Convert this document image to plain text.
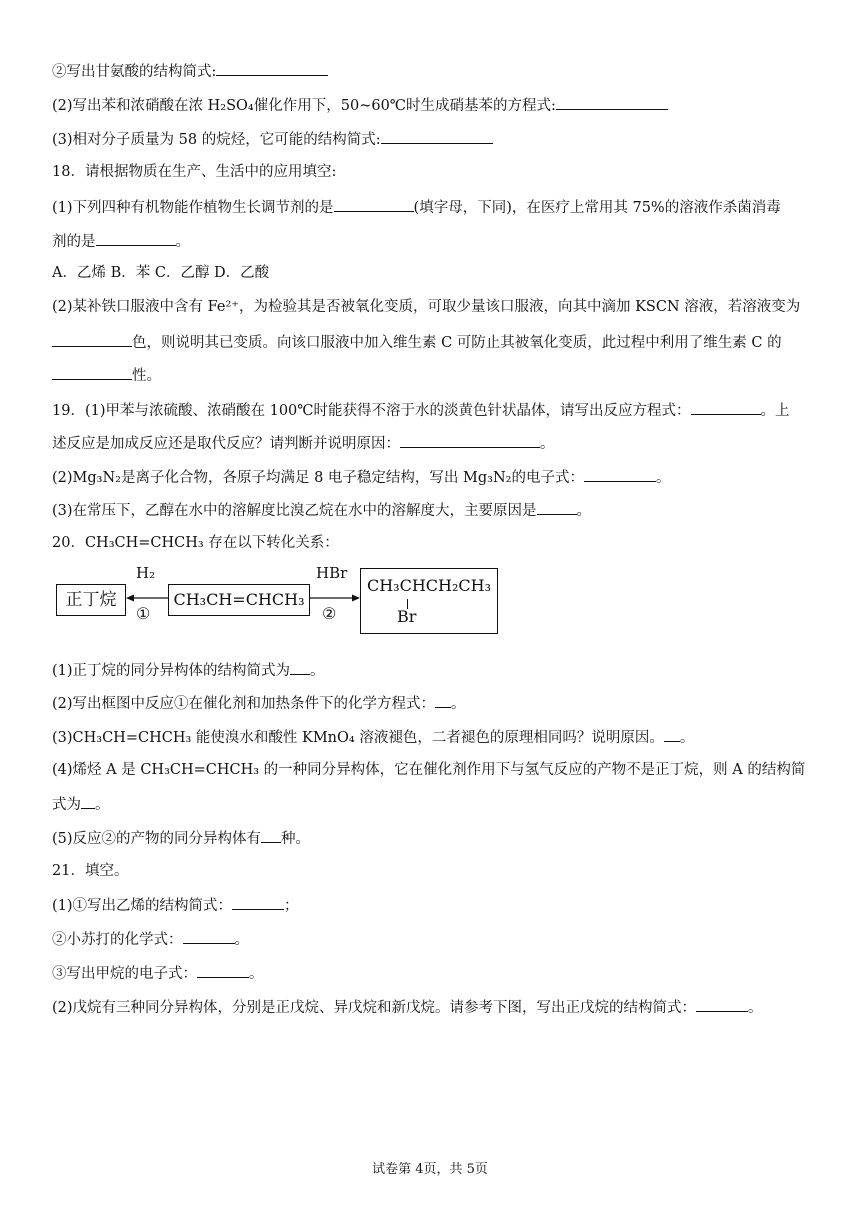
②写出甘氨酸的结构简式:
(2)写出苯和浓硝酸在浓 H₂SO₄催化作用下，50~60℃时生成硝基苯的方程式:
(3)相对分子质量为 58 的烷烃，它可能的结构简式:
18．请根据物质在生产、生活中的应用填空:
(1)下列四种有机物能作植物生长调节剂的是	(填字母，下同)，在医疗上常用其 75%的溶液作杀菌消毒
剂的是	。
A．乙烯 B．苯 C．乙醇 D．乙酸
(2)某补铁口服液中含有 Fe²⁺，为检验其是否被氧化变质，可取少量该口服液，向其中滴加 KSCN 溶液，若溶液变为
色，则说明其已变质。向该口服液中加入维生素 C 可防止其被氧化变质，此过程中利用了维生素 C 的
性。
19．(1)甲苯与浓硫酸、浓硝酸在 100℃时能获得不溶于水的淡黄色针状晶体，请写出反应方程式：	。上
述反应是加成反应还是取代反应？请判断并说明原因：	。
(2)Mg₃N₂是离子化合物，各原子均满足 8 电子稳定结构，写出 Mg₃N₂的电子式：	。
(3)在常压下，乙醇在水中的溶解度比溴乙烷在水中的溶解度大，主要原因是	。
20．CH₃CH=CHCH₃ 存在以下转化关系：
正丁烷	CH₃CH=CHCH₃
CH₃CHCH₂CH₃
Br
H₂
①
HBr
②
(1)正丁烷的同分异构体的结构简式为 。
(2)写出框图中反应①在催化剂和加热条件下的化学方程式： 。
(3)CH₃CH=CHCH₃ 能使溴水和酸性 KMnO₄ 溶液褪色，二者褪色的原理相同吗？说明原因。 。
(4)烯烃 A 是 CH₃CH=CHCH₃ 的一种同分异构体，它在催化剂作用下与氢气反应的产物不是正丁烷，则 A 的结构简
式为 。
(5)反应②的产物的同分异构体有 种。
21．填空。
(1)①写出乙烯的结构简式：	；
②小苏打的化学式：	。
③写出甲烷的电子式：	。
(2)戊烷有三种同分异构体，分别是正戊烷、异戊烷和新戊烷。请参考下图，写出正戊烷的结构简式：	。
试卷第 4页，共 5页
